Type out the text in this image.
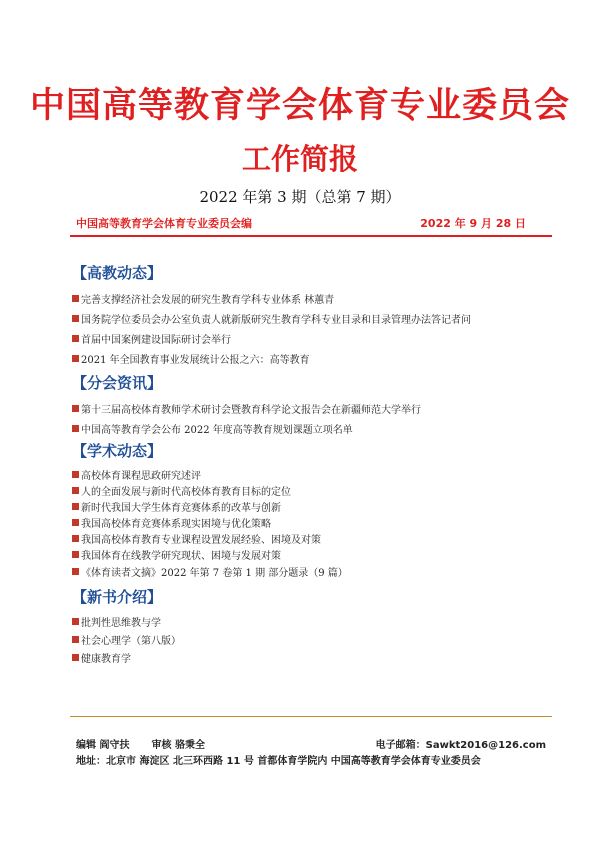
中国高等教育学会体育专业委员会
工作简报
2022 年第 3 期（总第 7 期）
中国高等教育学会体育专业委员会编	2022 年 9 月 28 日
【高教动态】
完善支撑经济社会发展的研究生教育学科专业体系 林蕙青
国务院学位委员会办公室负责人就新版研究生教育学科专业目录和目录管理办法答记者问
首届中国案例建设国际研讨会举行
2021 年全国教育事业发展统计公报之六：高等教育
【分会资讯】
第十三届高校体育教师学术研讨会暨教育科学论文报告会在新疆师范大学举行
中国高等教育学会公布 2022 年度高等教育规划课题立项名单
【学术动态】
高校体育课程思政研究述评
人的全面发展与新时代高校体育教育目标的定位
新时代我国大学生体育竞赛体系的改革与创新
我国高校体育竞赛体系现实困境与优化策略
我国高校体育教育专业课程设置发展经验、困境及对策
我国体育在线教学研究现状、困境与发展对策
《体育读者文摘》2022 年第 7 卷第 1 期 部分题录（9 篇）
【新书介绍】
批判性思维教与学
社会心理学（第八版）
健康教育学
编辑 阎守扶 审核 骆秉全	电子邮箱：Sawkt2016@126.com
地址：北京市 海淀区 北三环西路 11 号 首都体育学院内 中国高等教育学会体育专业委员会
